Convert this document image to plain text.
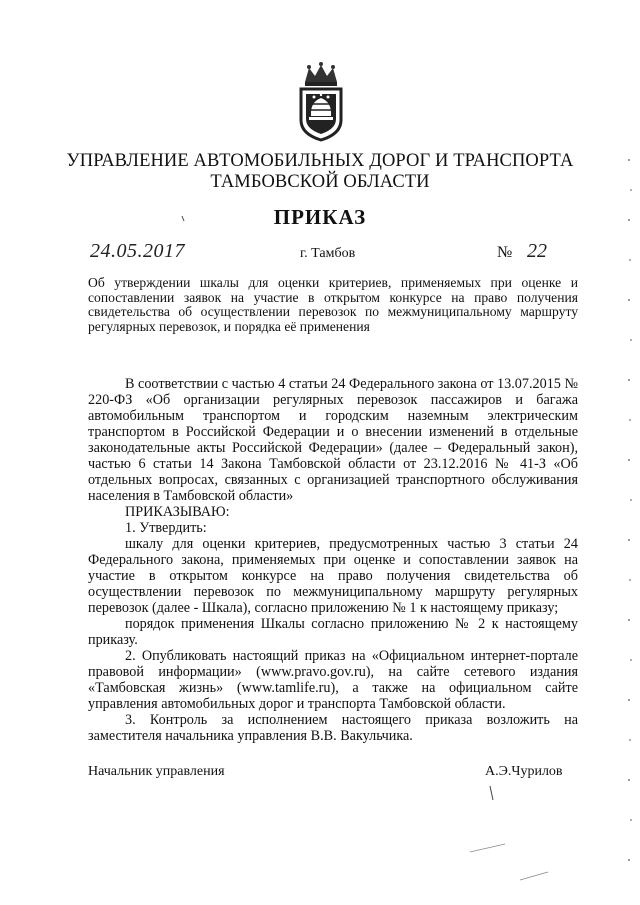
УПРАВЛЕНИЕ АВТОМОБИЛЬНЫХ ДОРОГ И ТРАНСПОРТА
ТАМБОВСКОЙ ОБЛАСТИ
ПРИКАЗ
24.05.2017	г. Тамбов	№ 22
Об утверждении шкалы для оценки критериев, применяемых при оценке и сопоставлении заявок на участие в открытом конкурсе на право получения свидетельства об осуществлении перевозок по межмуниципальному маршруту регулярных перевозок, и порядка её применения

В соответствии с частью 4 статьи 24 Федерального закона от 13.07.2015 № 220-ФЗ «Об организации регулярных перевозок пассажиров и багажа автомобильным транспортом и городским наземным электрическим транспортом в Российской Федерации и о внесении изменений в отдельные законодательные акты Российской Федерации» (далее – Федеральный закон), частью 6 статьи 14 Закона Тамбовской области от 23.12.2016 № 41-З «Об отдельных вопросах, связанных с организацией транспортного обслуживания населения в Тамбовской области»

ПРИКАЗЫВАЮ:

1. Утвердить:

шкалу для оценки критериев, предусмотренных частью 3 статьи 24 Федерального закона, применяемых при оценке и сопоставлении заявок на участие в открытом конкурсе на право получения свидетельства об осуществлении перевозок по межмуниципальному маршруту регулярных перевозок (далее - Шкала), согласно приложению № 1 к настоящему приказу;

порядок применения Шкалы согласно приложению № 2 к настоящему приказу.

2. Опубликовать настоящий приказ на «Официальном интернет-портале правовой информации» (www.pravo.gov.ru), на сайте сетевого издания «Тамбовская жизнь» (www.tamlife.ru), а также на официальном сайте управления автомобильных дорог и транспорта Тамбовской области.

3. Контроль за исполнением настоящего приказа возложить на заместителя начальника управления В.В. Вакульчика.

Начальник управления	А.Э.Чурилов
